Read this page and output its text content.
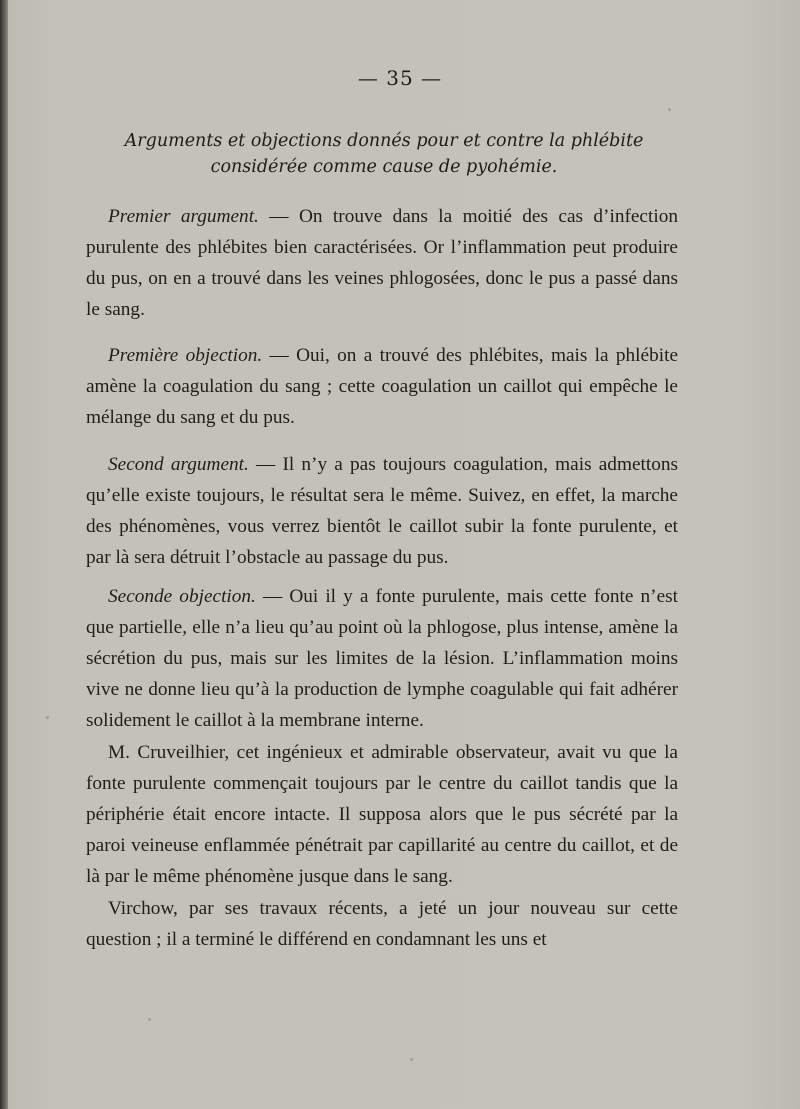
— 35 —
Arguments et objections donnés pour et contre la phlébite considérée comme cause de pyohémie.

Premier argument. — On trouve dans la moitié des cas d’infection purulente des phlébites bien caractérisées. Or l’inflammation peut produire du pus, on en a trouvé dans les veines phlogosées, donc le pus a passé dans le sang.

Première objection. — Oui, on a trouvé des phlébites, mais la phlébite amène la coagulation du sang ; cette coagulation un caillot qui empêche le mélange du sang et du pus.

Second argument. — Il n’y a pas toujours coagulation, mais admettons qu’elle existe toujours, le résultat sera le même. Suivez, en effet, la marche des phénomènes, vous verrez bientôt le caillot subir la fonte purulente, et par là sera détruit l’obstacle au passage du pus.

Seconde objection. — Oui il y a fonte purulente, mais cette fonte n’est que partielle, elle n’a lieu qu’au point où la phlogose, plus intense, amène la sécrétion du pus, mais sur les limites de la lésion. L’inflammation moins vive ne donne lieu qu’à la production de lymphe coagulable qui fait adhérer solidement le caillot à la membrane interne.

M. Cruveilhier, cet ingénieux et admirable observateur, avait vu que la fonte purulente commençait toujours par le centre du caillot tandis que la périphérie était encore intacte. Il supposa alors que le pus sécrété par la paroi veineuse enflammée pénétrait par capillarité au centre du caillot, et de là par le même phénomène jusque dans le sang.

Virchow, par ses travaux récents, a jeté un jour nouveau sur cette question ; il a terminé le différend en condamnant les uns et
